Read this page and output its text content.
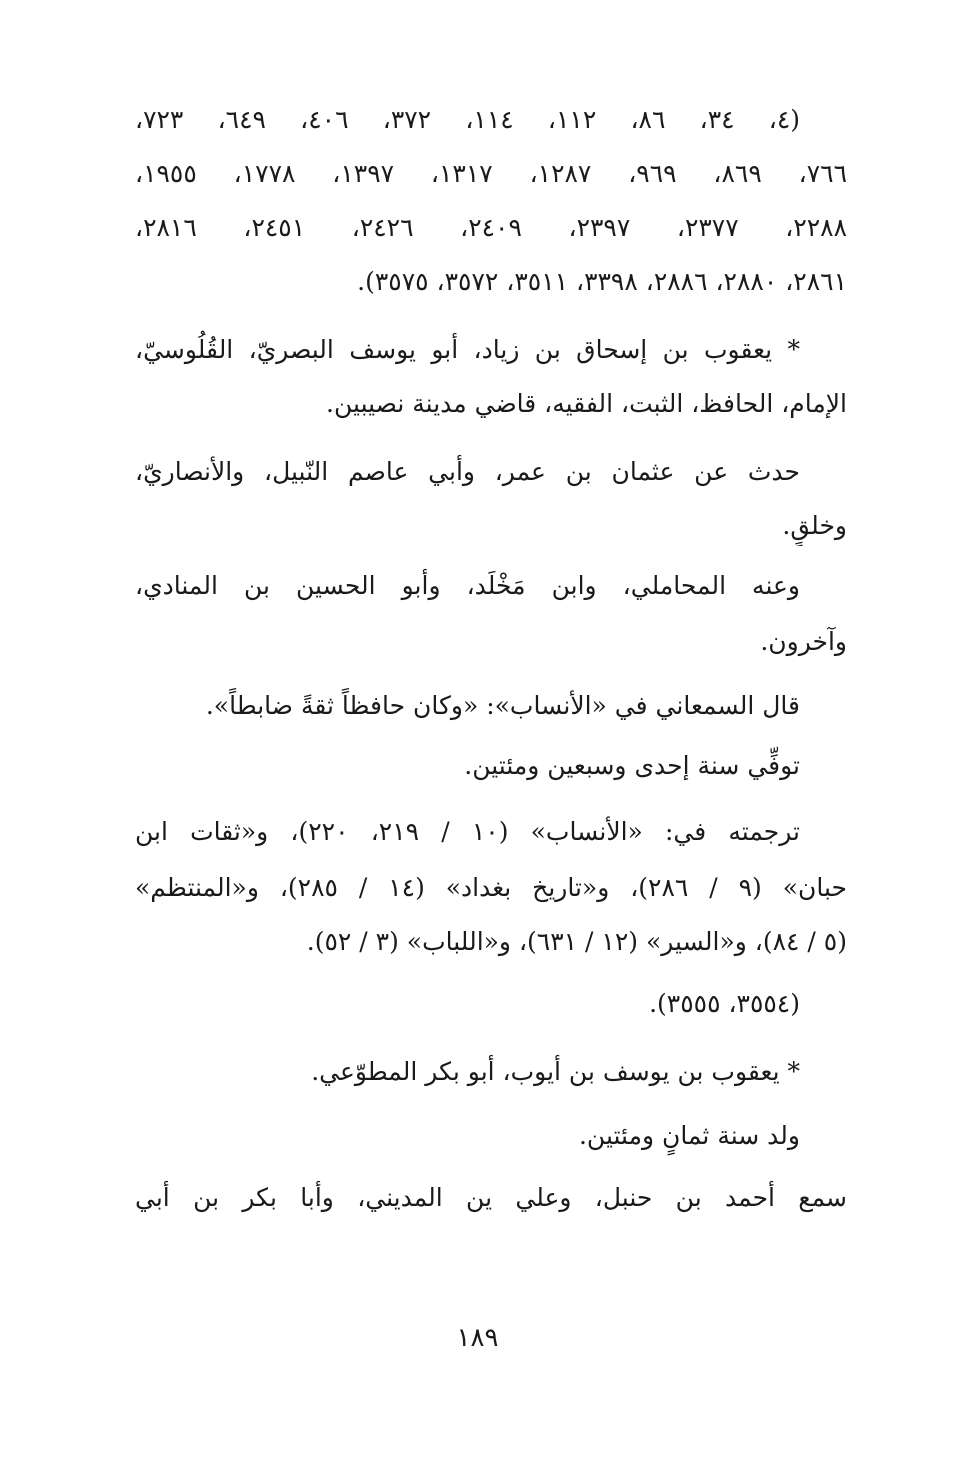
(٤، ٣٤، ٨٦، ١١٢، ١١٤، ٣٧٢، ٤٠٦، ٦٤٩، ٧٢٣،
٧٦٦، ٨٦٩، ٩٦٩، ١٢٨٧، ١٣١٧، ١٣٩٧، ١٧٧٨، ١٩٥٥،
٢٢٨٨، ٢٣٧٧، ٢٣٩٧، ٢٤٠٩، ٢٤٢٦، ٢٤٥١، ٢٨١٦،
٢٨٦١، ٢٨٨٠، ٢٨٨٦، ٣٣٩٨، ٣٥١١، ٣٥٧٢، ٣٥٧٥).
* يعقوب بن إسحاق بن زياد، أبو يوسف البصريّ، القُلُوسيّ،
الإمام، الحافظ، الثبت، الفقيه، قاضي مدينة نصيبين.
حدث عن عثمان بن عمر، وأبي عاصم النّبيل، والأنصاريّ،
وخلقٍ.
وعنه المحاملي، وابن مَخْلَد، وأبو الحسين بن المنادي،
وآخرون.
قال السمعاني في «الأنساب»: «وكان حافظاً ثقةً ضابطاً».
توفِّي سنة إحدى وسبعين ومئتين.
ترجمته في: «الأنساب» (١٠ / ٢١٩، ٢٢٠)، و«ثقات ابن
حبان» (٩ / ٢٨٦)، و«تاريخ بغداد» (١٤ / ٢٨٥)، و«المنتظم»
(٥ / ٨٤)، و«السير» (١٢ / ٦٣١)، و«اللباب» (٣ / ٥٢).
(٣٥٥٤، ٣٥٥٥).
* يعقوب بن يوسف بن أيوب، أبو بكر المطوّعي.
ولد سنة ثمانٍ ومئتين.
سمع أحمد بن حنبل، وعلي ين المديني، وأبا بكر بن أبي
١٨٩
